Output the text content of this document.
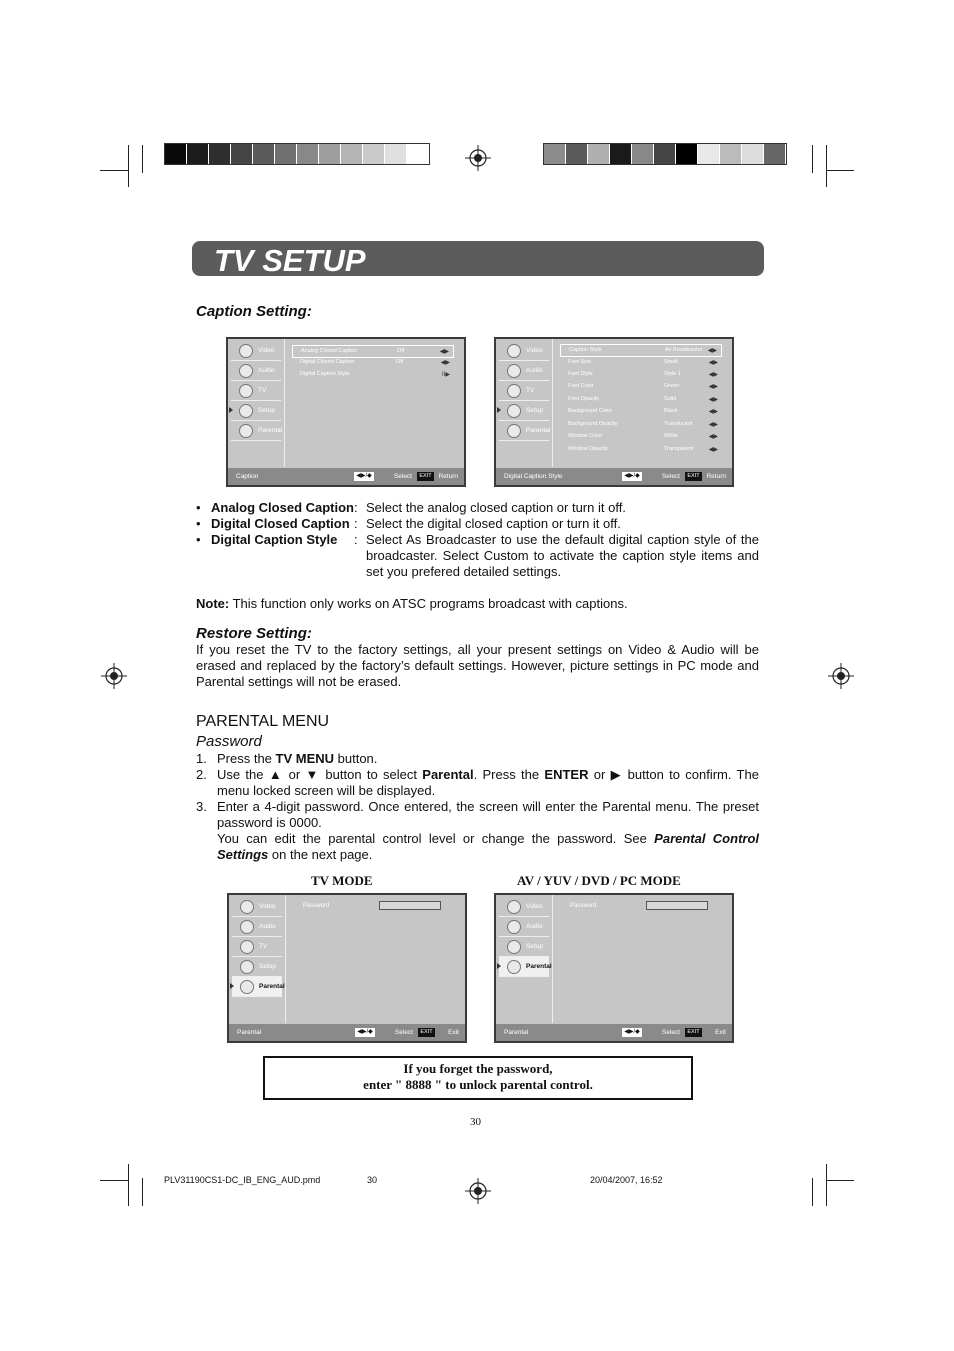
TV SETUP
Caption Setting:
Video
Audio
TV
Setup
Parental
Analog Closed Caption	Off	◀▶
Digital Closed Caption	Off	◀▶
Digital Caption Style	II▶
Caption	◀▶/◆	Select	EXIT	Return
Video
Audio
TV
Setup
Parental
Caption Style	As Broadcaster ◀▶
Font Size	Small	◀▶
Font Style	Style 1	◀▶
Font Color	Green	◀▶
Font Opacity	Solid	◀▶
Background Color	Black	◀▶
Background Opacity	Translucent	◀▶
Window Color	White	◀▶
Window Opacity	Transparent	◀▶
Digital Caption Style	◀▶/◆	Select	EXIT	Return
• Analog Closed Caption : Select the analog closed caption or turn it off.
• Digital Closed Caption : Select the digital closed caption or turn it off.
• Digital Caption Style : Select As Broadcaster to use the default digital caption style of the broadcaster. Select Custom to activate the caption style items and set you prefered detailed settings.
Note: This function only works on ATSC programs broadcast with captions.
Restore Setting:
If you reset the TV to the factory settings, all your present settings on Video & Audio will be erased and replaced by the factory’s default settings. However, picture settings in PC mode and Parental settings will not be erased.
PARENTAL MENU
Password
1. Press the TV MENU button.
2. Use the ▲ or ▼ button to select Parental. Press the ENTER or ▶ button to confirm. The menu locked screen will be displayed.
3. Enter a 4-digit password. Once entered, the screen will enter the Parental menu. The preset password is 0000.
You can edit the parental control level or change the password. See Parental Control Settings on the next page.
TV MODE	AV / YUV / DVD / PC MODE
Video
Audio
TV
Setup
Parental
Password
Parental	◀▶/◆	Select	EXIT	Exit
Video
Audio
Setup
Parental
Password
Parental	◀▶/◆	Select	EXIT	Exit
If you forget the password,
enter " 8888 " to unlock parental control.
30
PLV31190CS1-DC_IB_ENG_AUD.pmd	30	20/04/2007, 16:52
